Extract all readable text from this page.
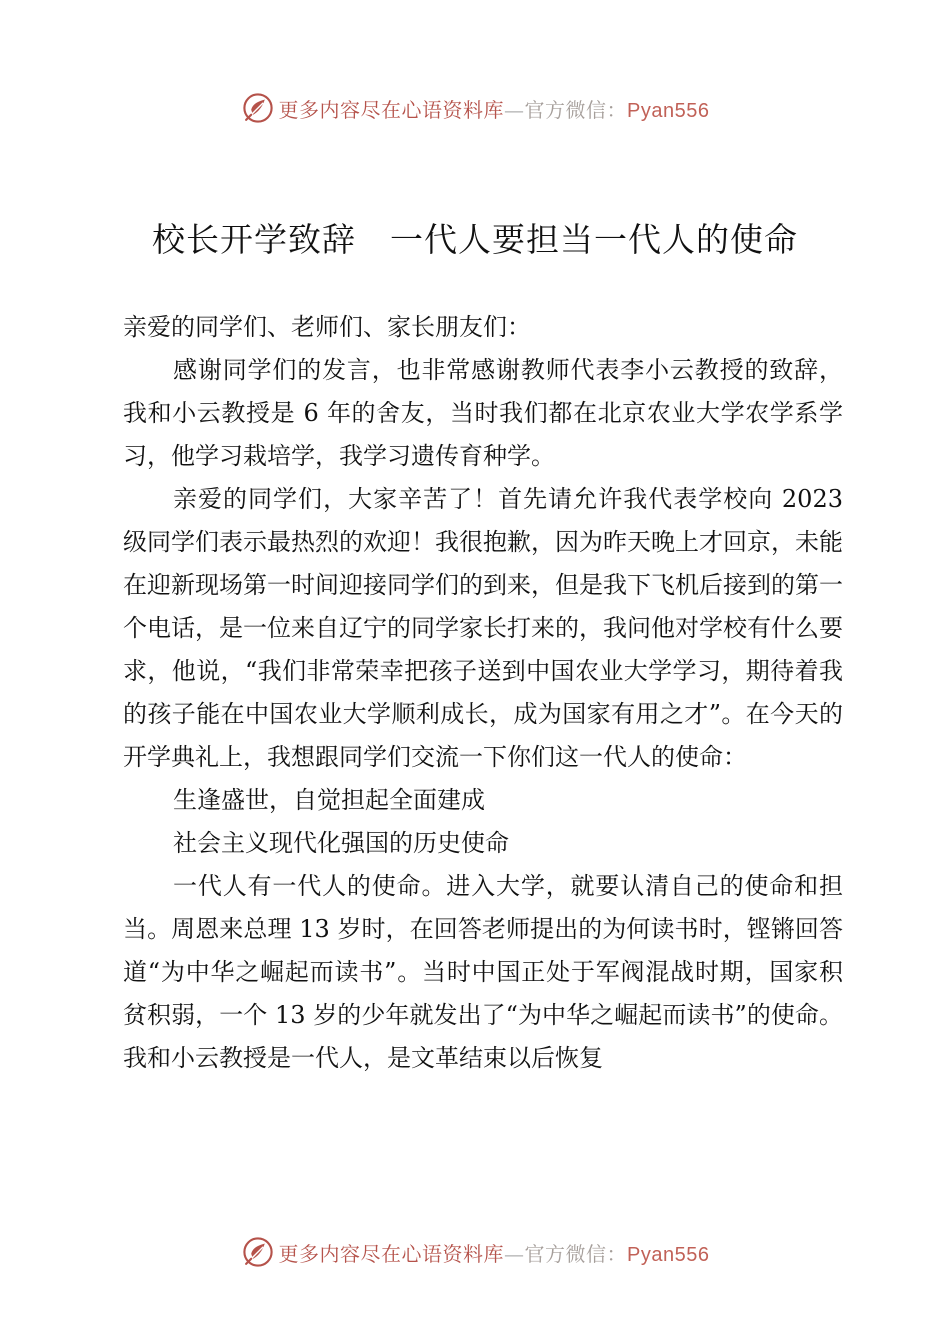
更多内容尽在心语资料库—官方微信：Pyan556
校长开学致辞　一代人要担当一代人的使命

亲爱的同学们、老师们、家长朋友们：

感谢同学们的发言，也非常感谢教师代表李小云教授的致辞，我和小云教授是 6 年的舍友，当时我们都在北京农业大学农学系学习，他学习栽培学，我学习遗传育种学。

亲爱的同学们，大家辛苦了！首先请允许我代表学校向 2023 级同学们表示最热烈的欢迎！我很抱歉，因为昨天晚上才回京，未能在迎新现场第一时间迎接同学们的到来，但是我下飞机后接到的第一个电话，是一位来自辽宁的同学家长打来的，我问他对学校有什么要求，他说，“我们非常荣幸把孩子送到中国农业大学学习，期待着我的孩子能在中国农业大学顺利成长，成为国家有用之才”。在今天的开学典礼上，我想跟同学们交流一下你们这一代人的使命：

生逢盛世，自觉担起全面建成

社会主义现代化强国的历史使命

一代人有一代人的使命。进入大学，就要认清自己的使命和担当。周恩来总理 13 岁时，在回答老师提出的为何读书时，铿锵回答道“为中华之崛起而读书”。当时中国正处于军阀混战时期，国家积贫积弱，一个 13 岁的少年就发出了“为中华之崛起而读书”的使命。我和小云教授是一代人，是文革结束以后恢复

更多内容尽在心语资料库—官方微信：Pyan556
